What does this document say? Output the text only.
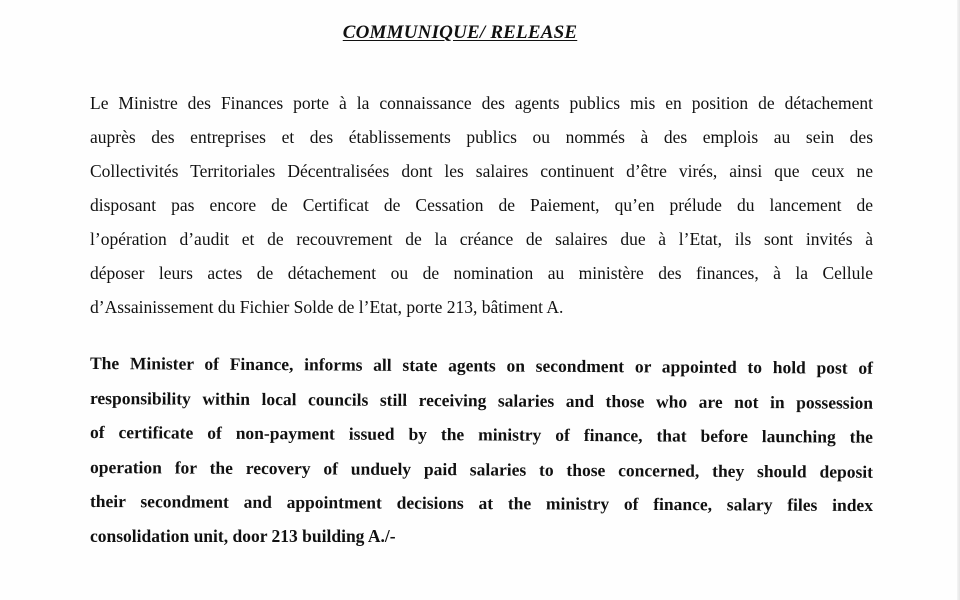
COMMUNIQUE/ RELEASE
Le Ministre des Finances porte à la connaissance des agents publics mis en position de détachement
auprès des entreprises et des établissements publics ou nommés à des emplois au sein des
Collectivités Territoriales Décentralisées dont les salaires continuent d’être virés, ainsi que ceux ne
disposant pas encore de Certificat de Cessation de Paiement, qu’en prélude du lancement de
l’opération d’audit et de recouvrement de la créance de salaires due à l’Etat, ils sont invités à
déposer leurs actes de détachement ou de nomination au ministère des finances, à la Cellule
d’Assainissement du Fichier Solde de l’Etat, porte 213, bâtiment A.
The Minister of Finance, informs all state agents on secondment or appointed to hold post of
responsibility within local councils still receiving salaries and those who are not in possession
of certificate of non-payment issued by the ministry of finance, that before launching the
operation for the recovery of unduely paid salaries to those concerned, they should deposit
their secondment and appointment decisions at the ministry of finance, salary files index
consolidation unit, door 213 building A./-
